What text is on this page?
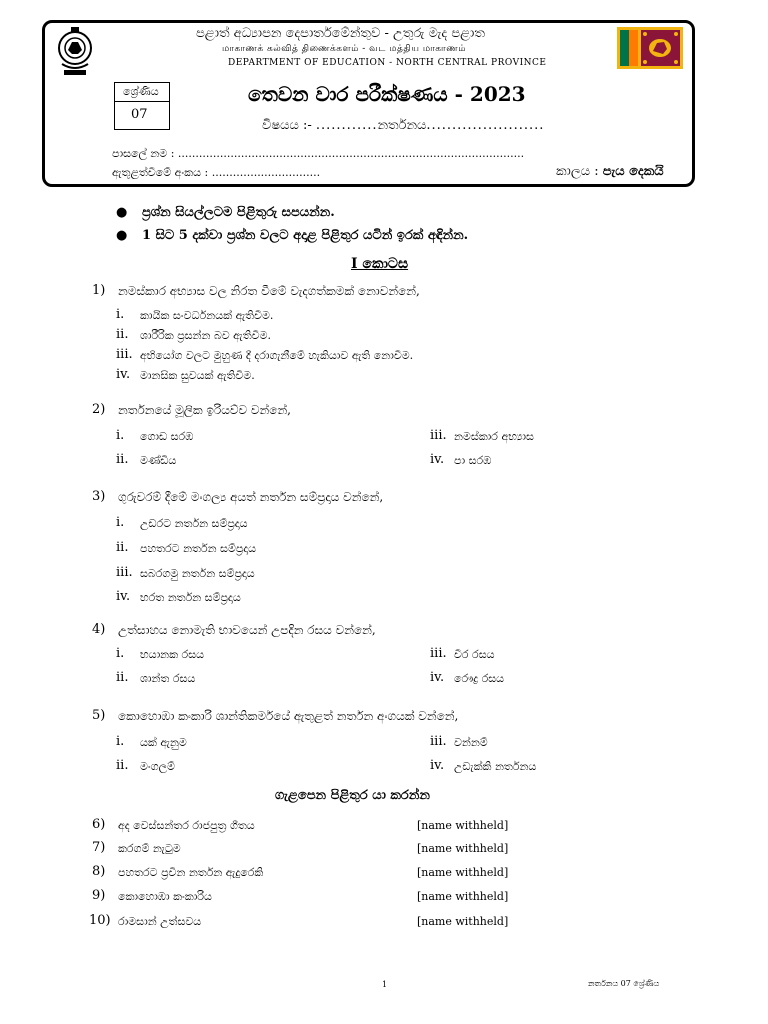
පළාත් අධ්‍යාපන දෙපාර්තමේන්තුව - උතුරු මැද පළාත
மாகாணக் கல்வித் திணைக்களம் - வட மத்திய மாகாணம்
DEPARTMENT OF EDUCATION - NORTH CENTRAL PROVINCE
ශ්‍රේණිය
07
තෙවන වාර පරීක්ෂණය - 2023
විෂයය :- ............නර්තනය.......................
පාසලේ නම : ...................................................................................................
ඇතුළත්වීමේ අංකය : ...............................	කාලය : පැය දෙකයි
● ප්‍රශ්න සියල්ලටම පිළිතුරු සපයන්න.
● 1 සිට 5 දක්වා ප්‍රශ්න වලට අදාළ පිළිතුර යටින් ඉරක් අඳින්න.
I කොටස
1) නමස්කාර අභ්‍යාස වල නිරත වීමේ වැදගත්කමක් නොවන්නේ,
i. කායික සංවර්ධනයක් ඇතිවීම.
ii. ශාරීරික ප්‍රසන්න බව ඇතිවීම.
iii. අභියෝග වලට මුහුණ දී දරාගැනීමේ හැකියාව ඇති නොවීම.
iv. මානසික සුවයක් ඇතිවීම.
2) නර්තනයේ මූලික ඉරියව්ව වන්නේ,
i. ගොඩ සරඹ	iii. නමස්කාර අභ්‍යාස
ii. මණ්ඩිය	iv. පා සරඹ
3) ගුරුවරම් දීමේ මංගල්‍ය අයත් නර්තන සම්ප්‍රදාය වන්නේ,
i. උඩරට නර්තන සම්ප්‍රදාය
ii. පහතරට නර්තන සම්ප්‍රදාය
iii. සබරගමු නර්තන සම්ප්‍රදාය
iv. භරත නර්තන සම්ප්‍රදාය
4) උත්සාහය නොමැති භාවයෙන් උපදින රසය වන්නේ,
i. භයානක රසය	iii. වීර රසය
ii. ශාන්ත රසය	iv. රෞද්‍ර රසය
5) කොහොඹා කංකාරි ශාන්තිකර්මයේ ඇතුළත් නර්තන අංගයක් වන්නේ,
i. යක් ඇනුම	iii. වන්නම්
ii. මංගලම්	iv. උඩැක්කි නර්තනය
ගැළපෙන පිළිතුර යා කරන්න
6) අද වෙස්සන්තර රාජපුත්‍ර ගීතය	[name withheld]
7) කරගම් නැටුම	[name withheld]
8) පහතරට ප්‍රවීන නර්තන ඇදුරෙකි	[name withheld]
9) කොහොඹා කංකාරිය	[name withheld]
10) රාමසාන් උත්සවය	[name withheld]
1	නර්තනය 07 ශ්‍රේණිය
